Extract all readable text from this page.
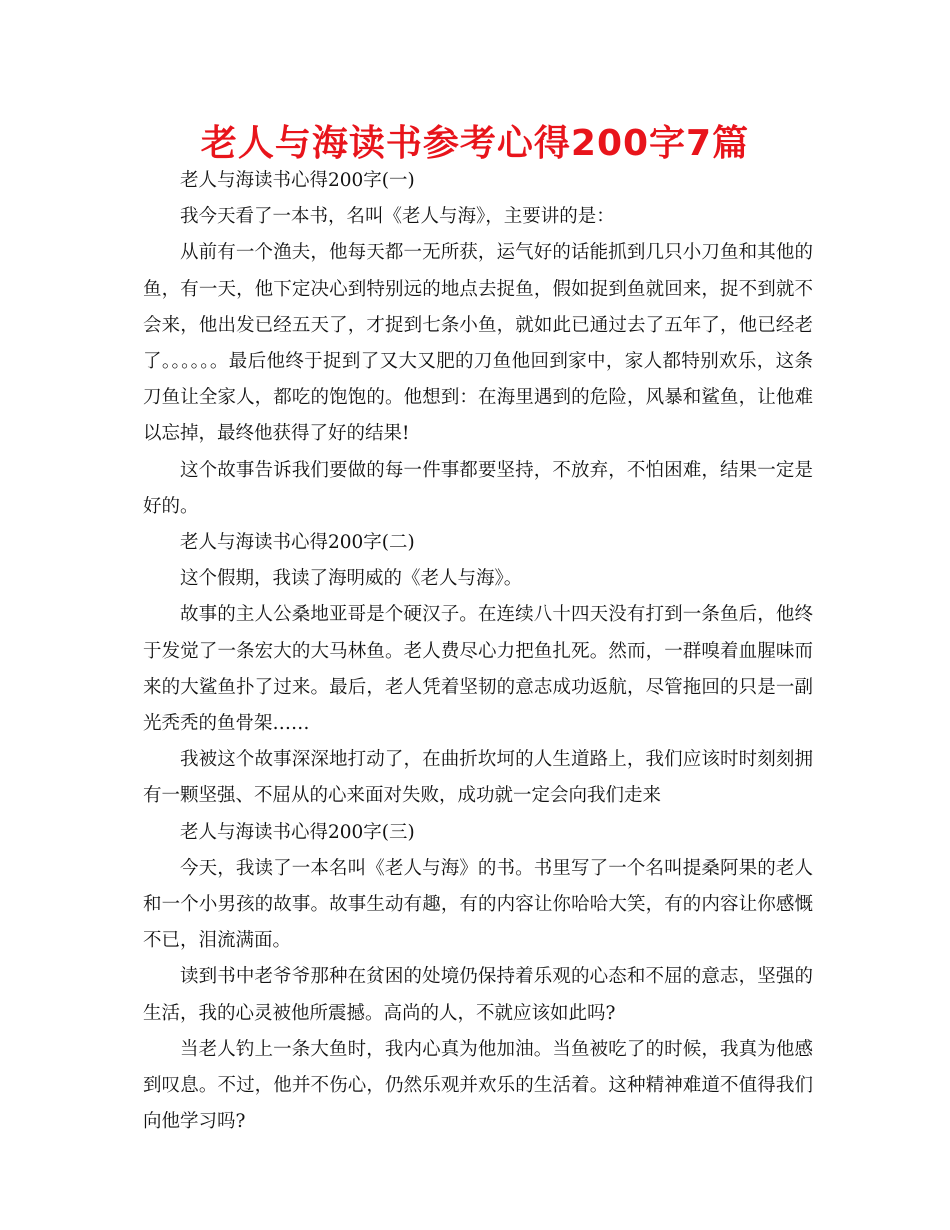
老人与海读书参考心得200字7篇

老人与海读书心得200字(一)

我今天看了一本书，名叫《老人与海》，主要讲的是：

从前有一个渔夫，他每天都一无所获，运气好的话能抓到几只小刀鱼和其他的鱼，有一天，他下定决心到特别远的地点去捉鱼，假如捉到鱼就回来，捉不到就不会来，他出发已经五天了，才捉到七条小鱼，就如此已通过去了五年了，他已经老了。。。。。。最后他终于捉到了又大又肥的刀鱼他回到家中，家人都特别欢乐，这条刀鱼让全家人，都吃的饱饱的。他想到：在海里遇到的危险，风暴和鲨鱼，让他难以忘掉，最终他获得了好的结果!

这个故事告诉我们要做的每一件事都要坚持，不放弃，不怕困难，结果一定是好的。

老人与海读书心得200字(二)

这个假期，我读了海明威的《老人与海》。

故事的主人公桑地亚哥是个硬汉子。在连续八十四天没有打到一条鱼后，他终于发觉了一条宏大的大马林鱼。老人费尽心力把鱼扎死。然而，一群嗅着血腥味而来的大鲨鱼扑了过来。最后，老人凭着坚韧的意志成功返航，尽管拖回的只是一副光秃秃的鱼骨架……

我被这个故事深深地打动了，在曲折坎坷的人生道路上，我们应该时时刻刻拥有一颗坚强、不屈从的心来面对失败，成功就一定会向我们走来

老人与海读书心得200字(三)

今天，我读了一本名叫《老人与海》的书。书里写了一个名叫提桑阿果的老人和一个小男孩的故事。故事生动有趣，有的内容让你哈哈大笑，有的内容让你感慨不已，泪流满面。

读到书中老爷爷那种在贫困的处境仍保持着乐观的心态和不屈的意志，坚强的生活，我的心灵被他所震撼。高尚的人，不就应该如此吗?

当老人钓上一条大鱼时，我内心真为他加油。当鱼被吃了的时候，我真为他感到叹息。不过，他并不伤心，仍然乐观并欢乐的生活着。这种精神难道不值得我们向他学习吗?
